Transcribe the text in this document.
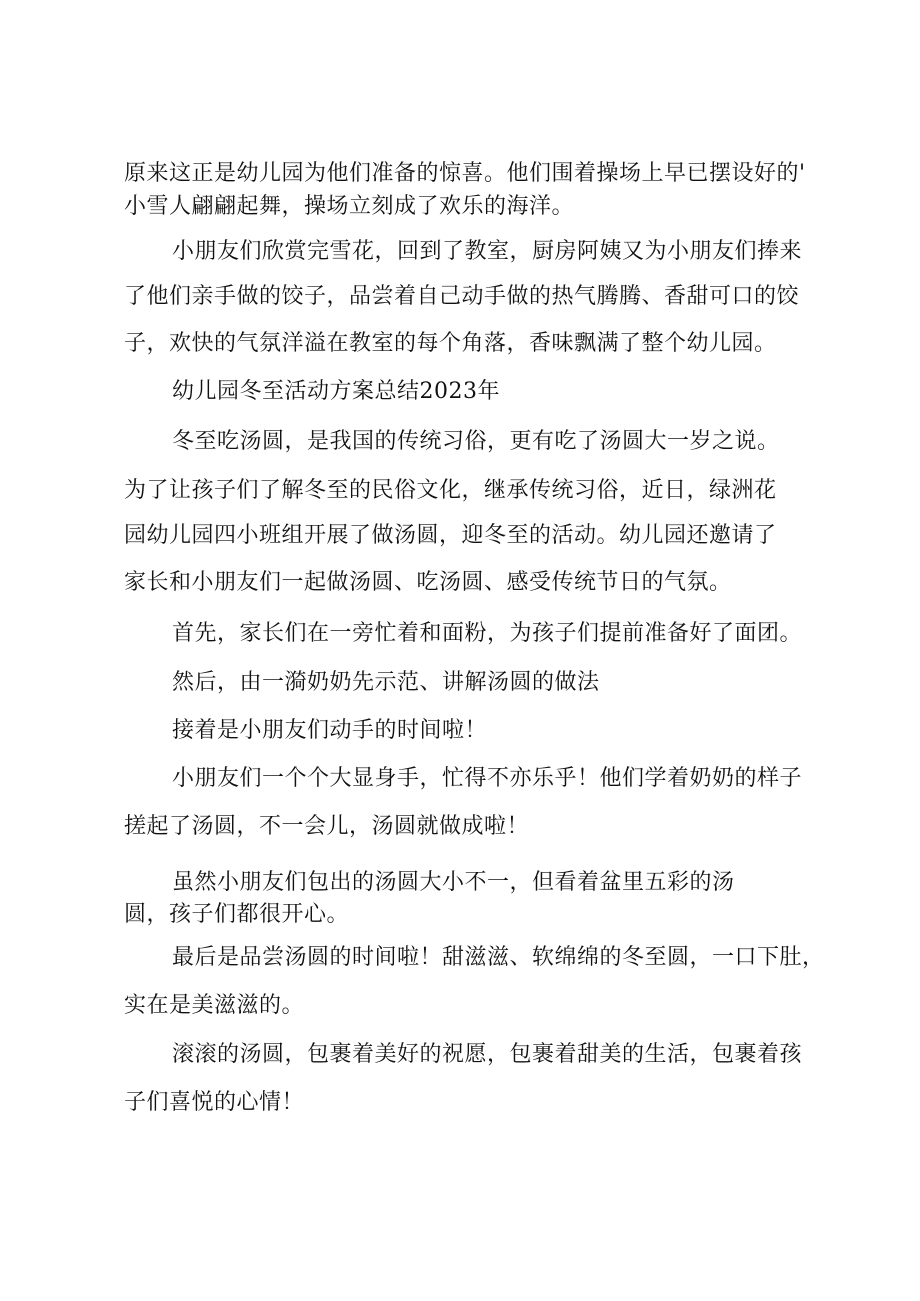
原来这正是幼儿园为他们准备的惊喜。他们围着操场上早已摆设好的'
小雪人翩翩起舞，操场立刻成了欢乐的海洋。
小朋友们欣赏完雪花，回到了教室，厨房阿姨又为小朋友们捧来
了他们亲手做的饺子，品尝着自己动手做的热气腾腾、香甜可口的饺
子，欢快的气氛洋溢在教室的每个角落，香味飘满了整个幼儿园。
幼儿园冬至活动方案总结2023年
冬至吃汤圆，是我国的传统习俗，更有吃了汤圆大一岁之说。
为了让孩子们了解冬至的民俗文化，继承传统习俗，近日，绿洲花
园幼儿园四小班组开展了做汤圆，迎冬至的活动。幼儿园还邀请了
家长和小朋友们一起做汤圆、吃汤圆、感受传统节日的气氛。
首先，家长们在一旁忙着和面粉，为孩子们提前准备好了面团。
然后，由一漪奶奶先示范、讲解汤圆的做法
接着是小朋友们动手的时间啦！
小朋友们一个个大显身手，忙得不亦乐乎！他们学着奶奶的样子
搓起了汤圆，不一会儿，汤圆就做成啦！
虽然小朋友们包出的汤圆大小不一，但看着盆里五彩的汤
圆，孩子们都很开心。
最后是品尝汤圆的时间啦！甜滋滋、软绵绵的冬至圆，一口下肚，
实在是美滋滋的。
滚滚的汤圆，包裹着美好的祝愿，包裹着甜美的生活，包裹着孩
子们喜悦的心情！
